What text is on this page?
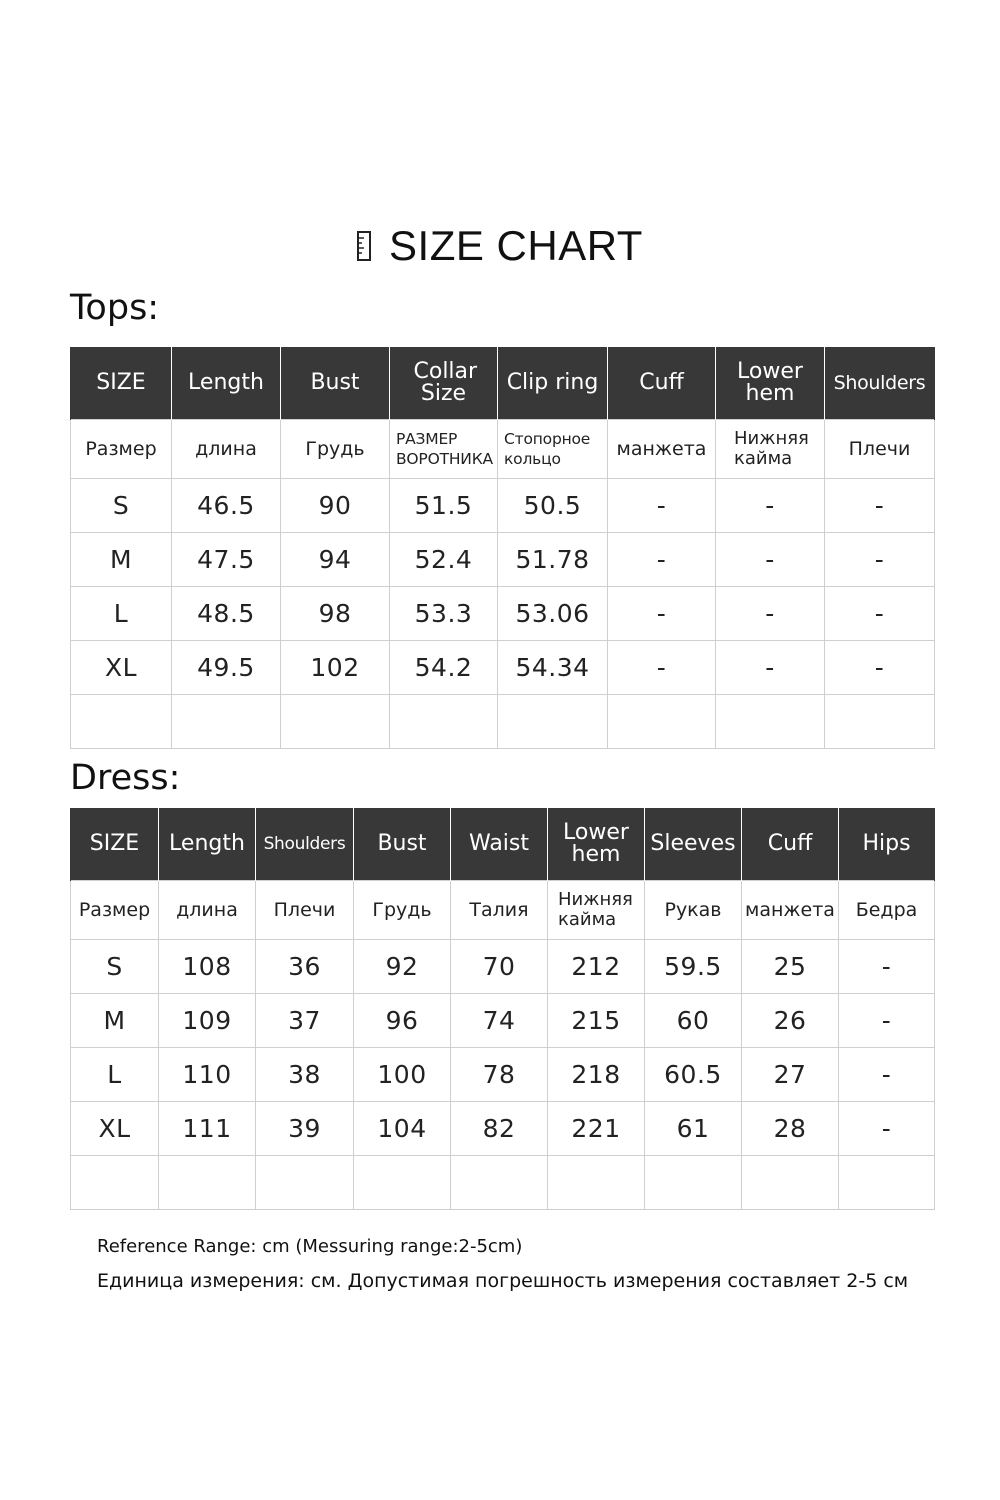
SIZE CHART
Tops:
SIZE	Length	Bust	Collar Size	Clip ring	Cuff	Lower hem	Shoulders
Размер	длина	Грудь	РАЗМЕР ВОРОТНИКА	Стопорное кольцо	манжета	Нижняя кайма	Плечи
S	46.5	90	51.5	50.5	-	-	-
M	47.5	94	52.4	51.78	-	-	-
L	48.5	98	53.3	53.06	-	-	-
XL	49.5	102	54.2	54.34	-	-	-

Dress:
SIZE	Length	Shoulders	Bust	Waist	Lower hem	Sleeves	Cuff	Hips
Размер	длина	Плечи	Грудь	Талия	Нижняя кайма	Рукав	манжета	Бедра
S	108	36	92	70	212	59.5	25	-
M	109	37	96	74	215	60	26	-
L	110	38	100	78	218	60.5	27	-
XL	111	39	104	82	221	61	28	-

Reference Range: cm (Messuring range:2-5cm)
Единица измерения: см. Допустимая погрешность измерения составляет 2-5 см
